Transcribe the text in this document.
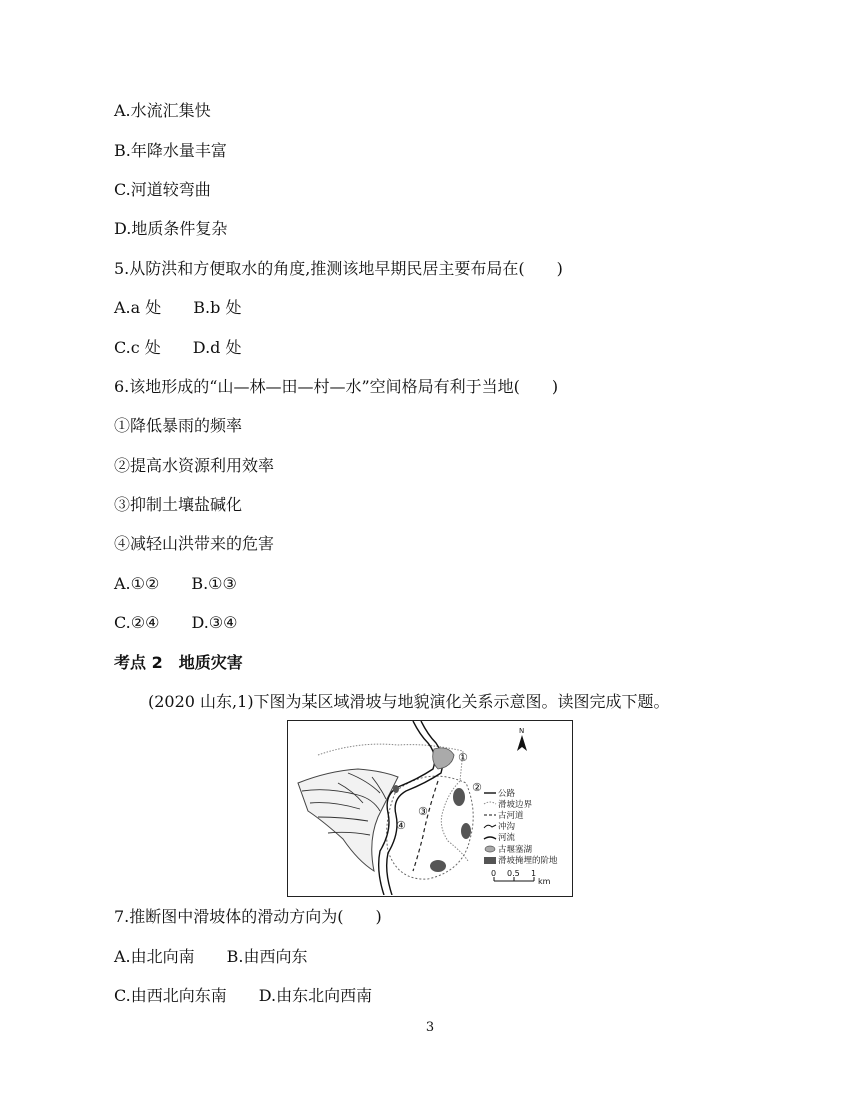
A.水流汇集快
B.年降水量丰富
C.河道较弯曲
D.地质条件复杂
5.从防洪和方便取水的角度,推测该地早期民居主要布局在(　　)
A.a 处　　B.b 处
C.c 处　　D.d 处
6.该地形成的“山—林—田—村—水”空间格局有利于当地(　　)
①降低暴雨的频率
②提高水资源利用效率
③抑制土壤盐碱化
④减轻山洪带来的危害
A.①②　　B.①③
C.②④　　D.③④
考点 2　地质灾害
(2020 山东,1)下图为某区域滑坡与地貌演化关系示意图。读图完成下题。
①
②
③
④
N
公路
滑坡边界
古河道
冲沟
河流
古堰塞湖
滑坡掩埋的阶地
0 0.5 1
km
7.推断图中滑坡体的滑动方向为(　　)
A.由北向南　　B.由西向东
C.由西北向东南　　D.由东北向西南
3
